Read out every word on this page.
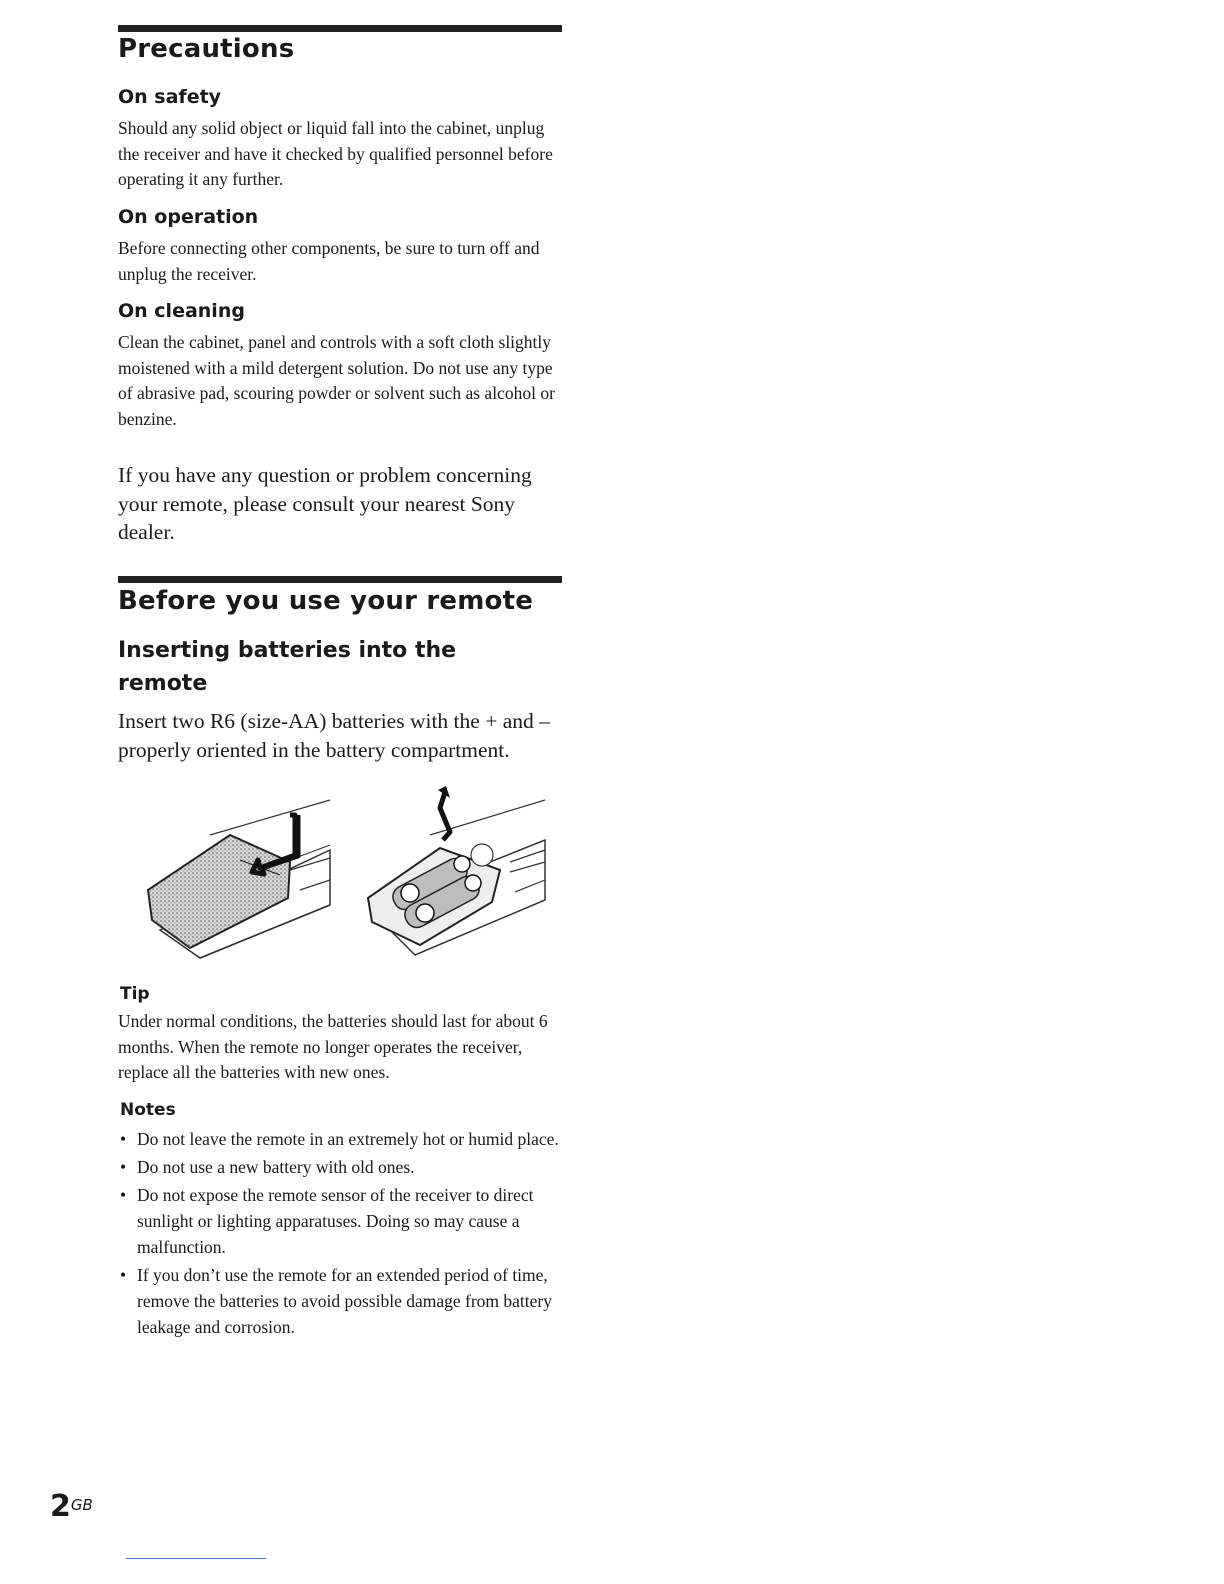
Precautions
On safety

Should any solid object or liquid fall into the cabinet, unplug the receiver and have it checked by qualified personnel before operating it any further.

On operation

Before connecting other components, be sure to turn off and unplug the receiver.

On cleaning

Clean the cabinet, panel and controls with a soft cloth slightly moistened with a mild detergent solution. Do not use any type of abrasive pad, scouring powder or solvent such as alcohol or benzine.

If you have any question or problem concerning your remote, please consult your nearest Sony dealer.

Before you use your remote
Inserting batteries into the remote

Insert two R6 (size-AA) batteries with the + and – properly oriented in the battery compartment.

Tip

Under normal conditions, the batteries should last for about 6 months. When the remote no longer operates the receiver, replace all the batteries with new ones.

Notes
• Do not leave the remote in an extremely hot or humid place.
• Do not use a new battery with old ones.
• Do not expose the remote sensor of the receiver to direct sunlight or lighting apparatuses. Doing so may cause a malfunction.
• If you don’t use the remote for an extended period of time, remove the batteries to avoid possible damage from battery leakage and corrosion.
$2^{GB}$
